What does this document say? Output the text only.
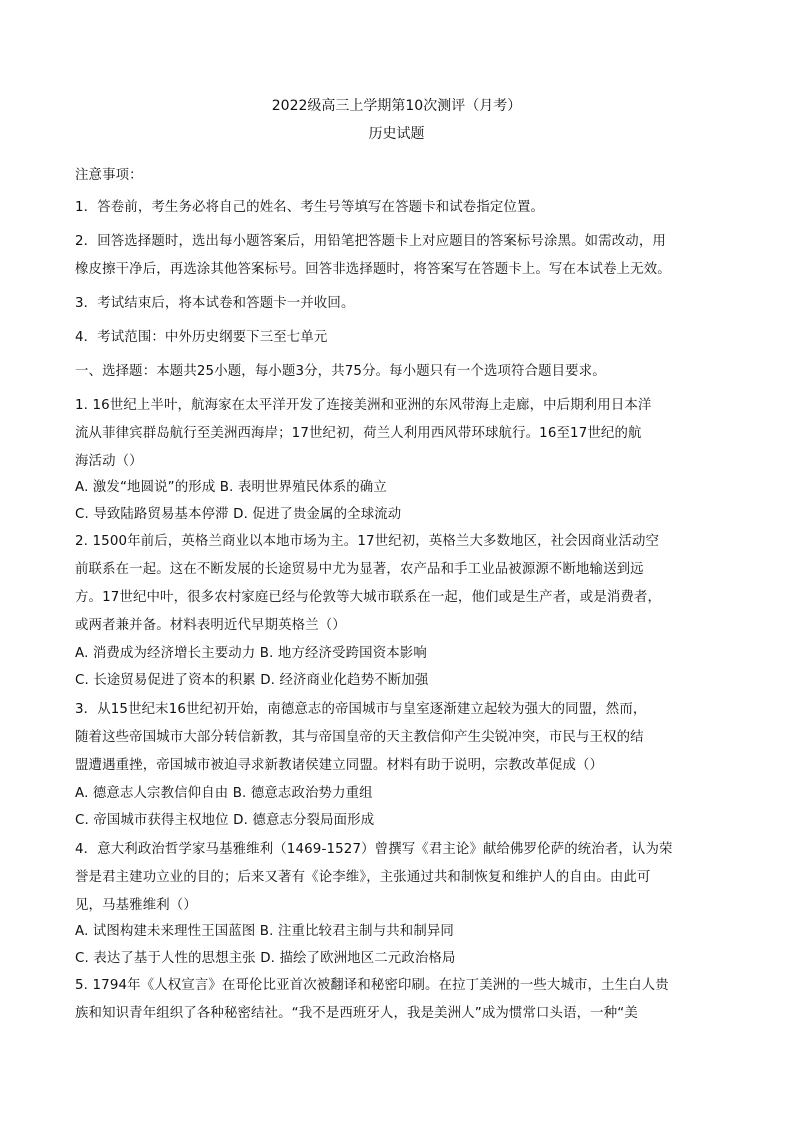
2022级高三上学期第10次测评（月考）
历史试题
注意事项：
1．答卷前，考生务必将自己的姓名、考生号等填写在答题卡和试卷指定位置。
2．回答选择题时，选出每小题答案后，用铅笔把答题卡上对应题目的答案标号涂黑。如需改动，用
橡皮擦干净后，再选涂其他答案标号。回答非选择题时，将答案写在答题卡上。写在本试卷上无效。
3．考试结束后，将本试卷和答题卡一并收回。
4．考试范围：中外历史纲要下三至七单元
一、选择题：本题共25小题，每小题3分，共75分。每小题只有一个选项符合题目要求。
1. 16世纪上半叶，航海家在太平洋开发了连接美洲和亚洲的东风带海上走廊，中后期利用日本洋
流从菲律宾群岛航行至美洲西海岸；17世纪初，荷兰人利用西风带环球航行。16至17世纪的航
海活动（）
A. 激发“地圆说”的形成 B. 表明世界殖民体系的确立
C. 导致陆路贸易基本停滞 D. 促进了贵金属的全球流动
2. 1500年前后，英格兰商业以本地市场为主。17世纪初，英格兰大多数地区，社会因商业活动空
前联系在一起。这在不断发展的长途贸易中尤为显著，农产品和手工业品被源源不断地输送到远
方。17世纪中叶，很多农村家庭已经与伦敦等大城市联系在一起，他们或是生产者，或是消费者，
或两者兼并备。材料表明近代早期英格兰（）
A. 消费成为经济增长主要动力 B. 地方经济受跨国资本影响
C. 长途贸易促进了资本的积累 D. 经济商业化趋势不断加强
3．从15世纪末16世纪初开始，南德意志的帝国城市与皇室逐渐建立起较为强大的同盟，然而，
随着这些帝国城市大部分转信新教，其与帝国皇帝的天主教信仰产生尖锐冲突，市民与王权的结
盟遭遇重挫，帝国城市被迫寻求新教诸侯建立同盟。材料有助于说明，宗教改革促成（）
A. 德意志人宗教信仰自由 B. 德意志政治势力重组
C. 帝国城市获得主权地位 D. 德意志分裂局面形成
4．意大利政治哲学家马基雅维利（1469-1527）曾撰写《君主论》献给佛罗伦萨的统治者，认为荣
誉是君主建功立业的目的；后来又著有《论李维》，主张通过共和制恢复和维护人的自由。由此可
见，马基雅维利（）
A. 试图构建未来理性王国蓝图 B. 注重比较君主制与共和制异同
C. 表达了基于人性的思想主张 D. 描绘了欧洲地区二元政治格局
5. 1794年《人权宣言》在哥伦比亚首次被翻译和秘密印刷。在拉丁美洲的一些大城市，土生白人贵
族和知识青年组织了各种秘密结社。“我不是西班牙人，我是美洲人”成为惯常口头语，一种“美
